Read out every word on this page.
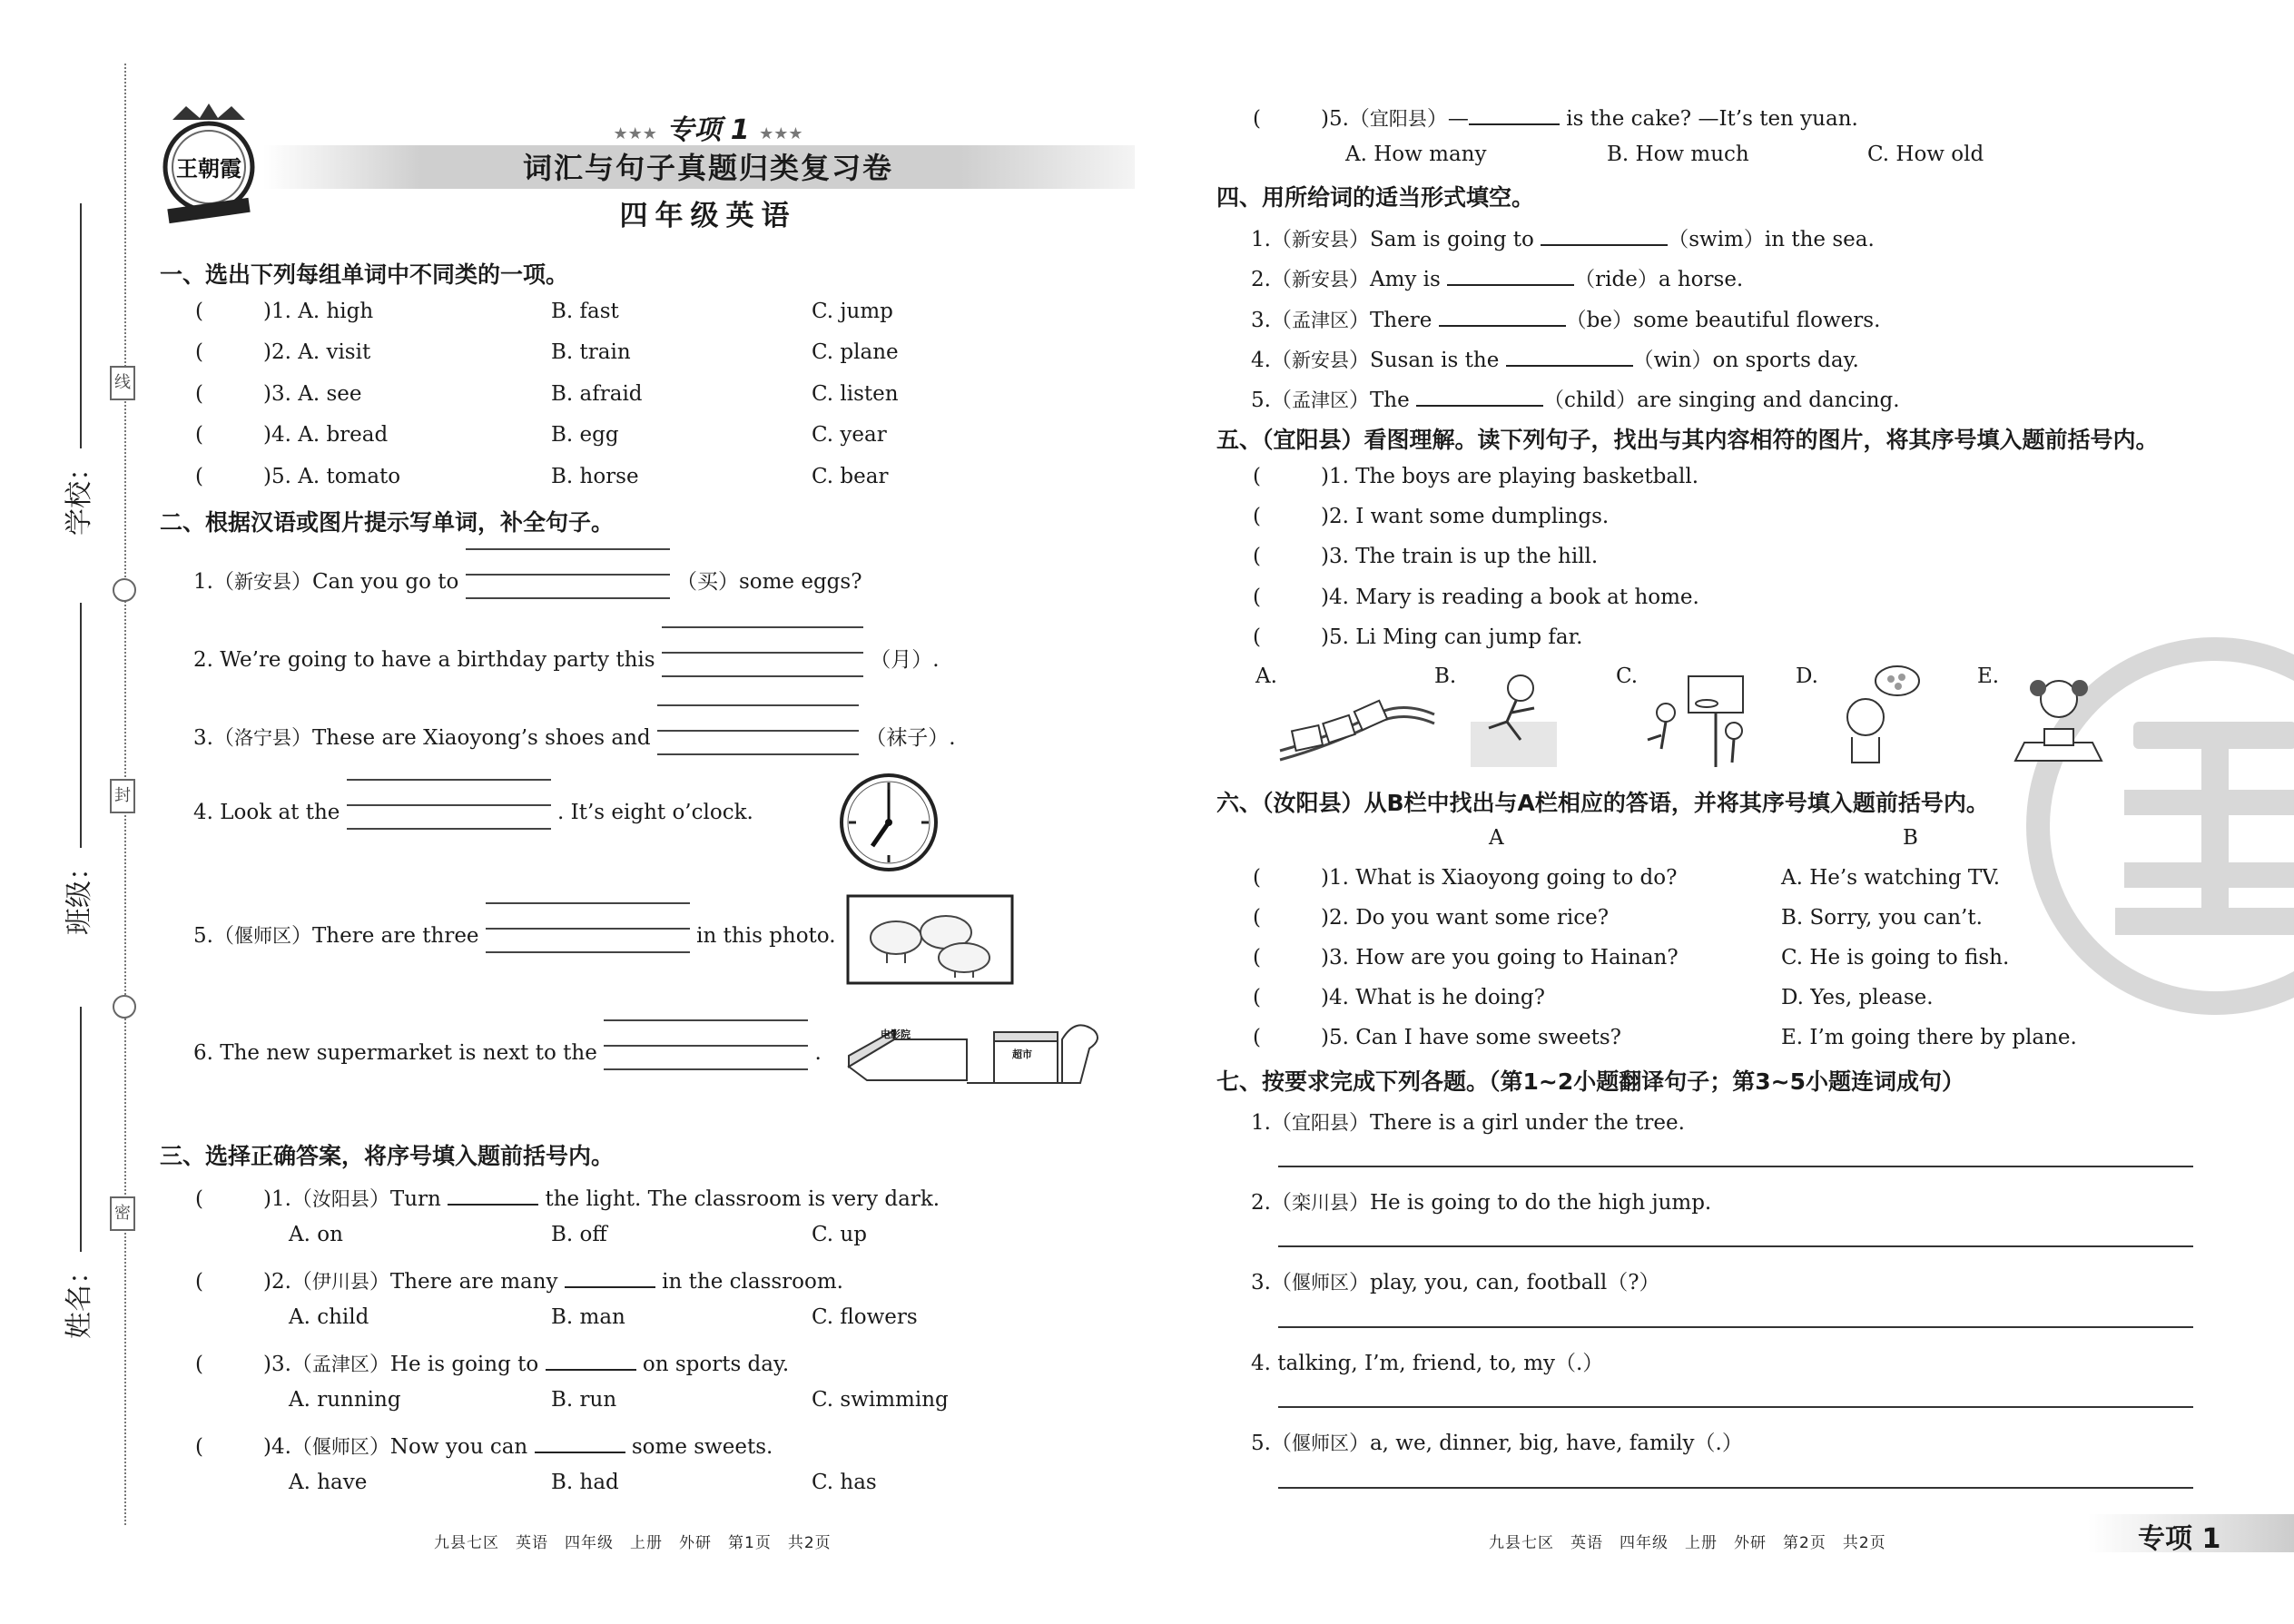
学校：
班级：
姓名：
线
封
密
王朝霞
★★★ 专项 1 ★★★
词汇与句子真题归类复习卷
四年级英语
一、选出下列每组单词中不同类的一项。
(	)1. A. high	B. fast	C. jump
(	)2. A. visit	B. train	C. plane
(	)3. A. see	B. afraid	C. listen
(	)4. A. bread	B. egg	C. year
(	)5. A. tomato	B. horse	C. bear
二、根据汉语或图片提示写单词，补全句子。
1.（新安县）Can you go to	（买）some eggs?
2. We’re going to have a birthday party this	（月）.
3.（洛宁县）These are Xiaoyong’s shoes and	（袜子）.
4. Look at the	. It’s eight o’clock.
5.（偃师区）There are three	in this photo.
6. The new supermarket is next to the	.
电影院
超市
三、选择正确答案，将序号填入题前括号内。
(	)1.（汝阳县）Turn	the light. The classroom is very dark.
A. on	B. off	C. up
(	)2.（伊川县）There are many	in the classroom.
A. child	B. man	C. flowers
(	)3.（孟津区）He is going to	on sports day.
A. running	B. run	C. swimming
(	)4.（偃师区）Now you can	some sweets.
A. have	B. had	C. has
九县七区　英语　四年级　上册　外研　第1页　共2页
(	)5.（宜阳县）—	is the cake? —It’s ten yuan.
A. How many	B. How much	C. How old
四、用所给词的适当形式填空。
1.（新安县）Sam is going to	（swim）in the sea.
2.（新安县）Amy is	（ride）a horse.
3.（孟津区）There	（be）some beautiful flowers.
4.（新安县）Susan is the	（win）on sports day.
5.（孟津区）The	（child）are singing and dancing.
五、（宜阳县）看图理解。读下列句子，找出与其内容相符的图片，将其序号填入题前括号内。
(	)1. The boys are playing basketball.
(	)2. I want some dumplings.
(	)3. The train is up the hill.
(	)4. Mary is reading a book at home.
(	)5. Li Ming can jump far.
A.	B.	C.	D.	E.
六、（汝阳县）从B栏中找出与A栏相应的答语，并将其序号填入题前括号内。
A	B
(	)1. What is Xiaoyong going to do?	A. He’s watching TV.
(	)2. Do you want some rice?	B. Sorry, you can’t.
(	)3. How are you going to Hainan?	C. He is going to fish.
(	)4. What is he doing?	D. Yes, please.
(	)5. Can I have some sweets?	E. I’m going there by plane.
七、按要求完成下列各题。（第1~2小题翻译句子；第3~5小题连词成句）
1.（宜阳县）There is a girl under the tree.
2.（栾川县）He is going to do the high jump.
3.（偃师区）play, you, can, football（?）
4. talking, I’m, friend, to, my（.）
5.（偃师区）a, we, dinner, big, have, family（.）
九县七区　英语　四年级　上册　外研　第2页　共2页	专项 1
